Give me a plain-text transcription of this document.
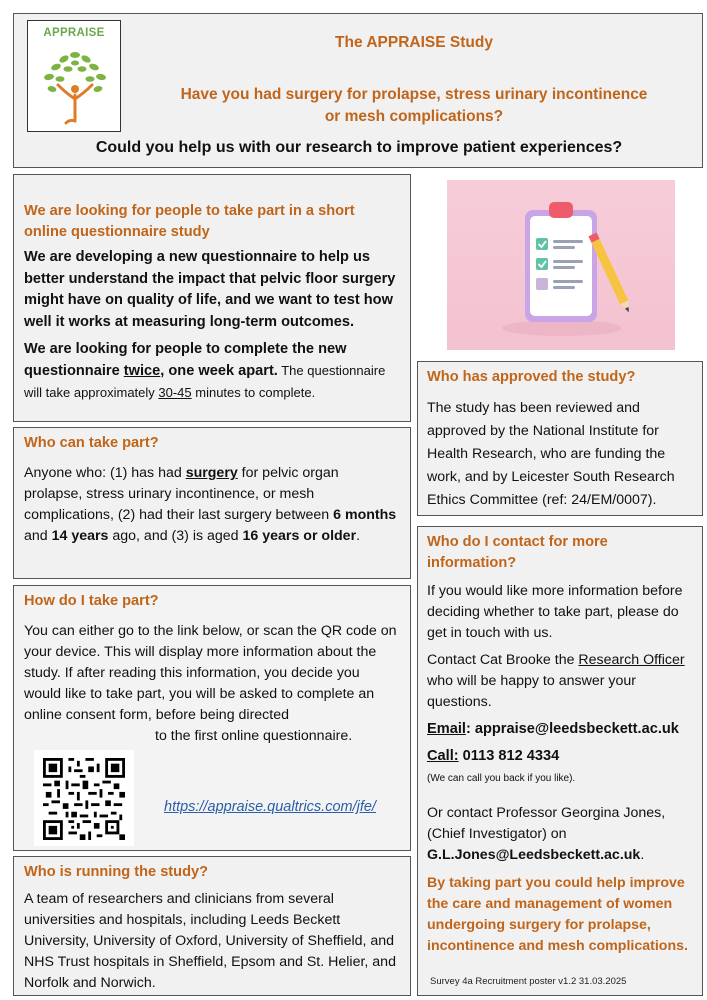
APPRAISE
The APPRAISE Study
Have you had surgery for prolapse, stress urinary incontinence
or mesh complications?
Could you help us with our research to improve patient experiences?
We are looking for people to take part in a short online questionnaire study

We are developing a new questionnaire to help us better understand the impact that pelvic floor surgery might have on quality of life, and we want to test how well it works at measuring long-term outcomes.

We are looking for people to complete the new questionnaire twice, one week apart. The questionnaire will take approximately 30-45 minutes to complete.

Who can take part?

Anyone who: (1) has had surgery for pelvic organ prolapse, stress urinary incontinence, or mesh complications, (2) had their last surgery between 6 months and 14 years ago, and (3) is aged 16 years or older.

How do I take part?

You can either go to the link below, or scan the QR code on your device. This will display more information about the study. If after reading this information, you decide you would like to take part, you will be asked to complete an online consent form, before being directed

to the first online questionnaire.

https://appraise.qualtrics.com/jfe/
Who is running the study?

A team of researchers and clinicians from several universities and hospitals, including Leeds Beckett University, University of Oxford, University of Sheffield, and NHS Trust hospitals in Sheffield, Epsom and St. Helier, and Norfolk and Norwich.

Who has approved the study?

The study has been reviewed and approved by the National Institute for Health Research, who are funding the work, and by Leicester South Research Ethics Committee (ref: 24/EM/0007).

Who do I contact for more information?

If you would like more information before deciding whether to take part, please do get in touch with us.

Contact Cat Brooke the Research Officer who will be happy to answer your questions.

Email: appraise@leedsbeckett.ac.uk

Call: 0113 812 4334

(We can call you back if you like).

Or contact Professor Georgina Jones, (Chief Investigator) on G.L.Jones@Leedsbeckett.ac.uk.

By taking part you could help improve the care and management of women undergoing surgery for prolapse, incontinence and mesh complications.

Survey 4a Recruitment poster v1.2 31.03.2025
